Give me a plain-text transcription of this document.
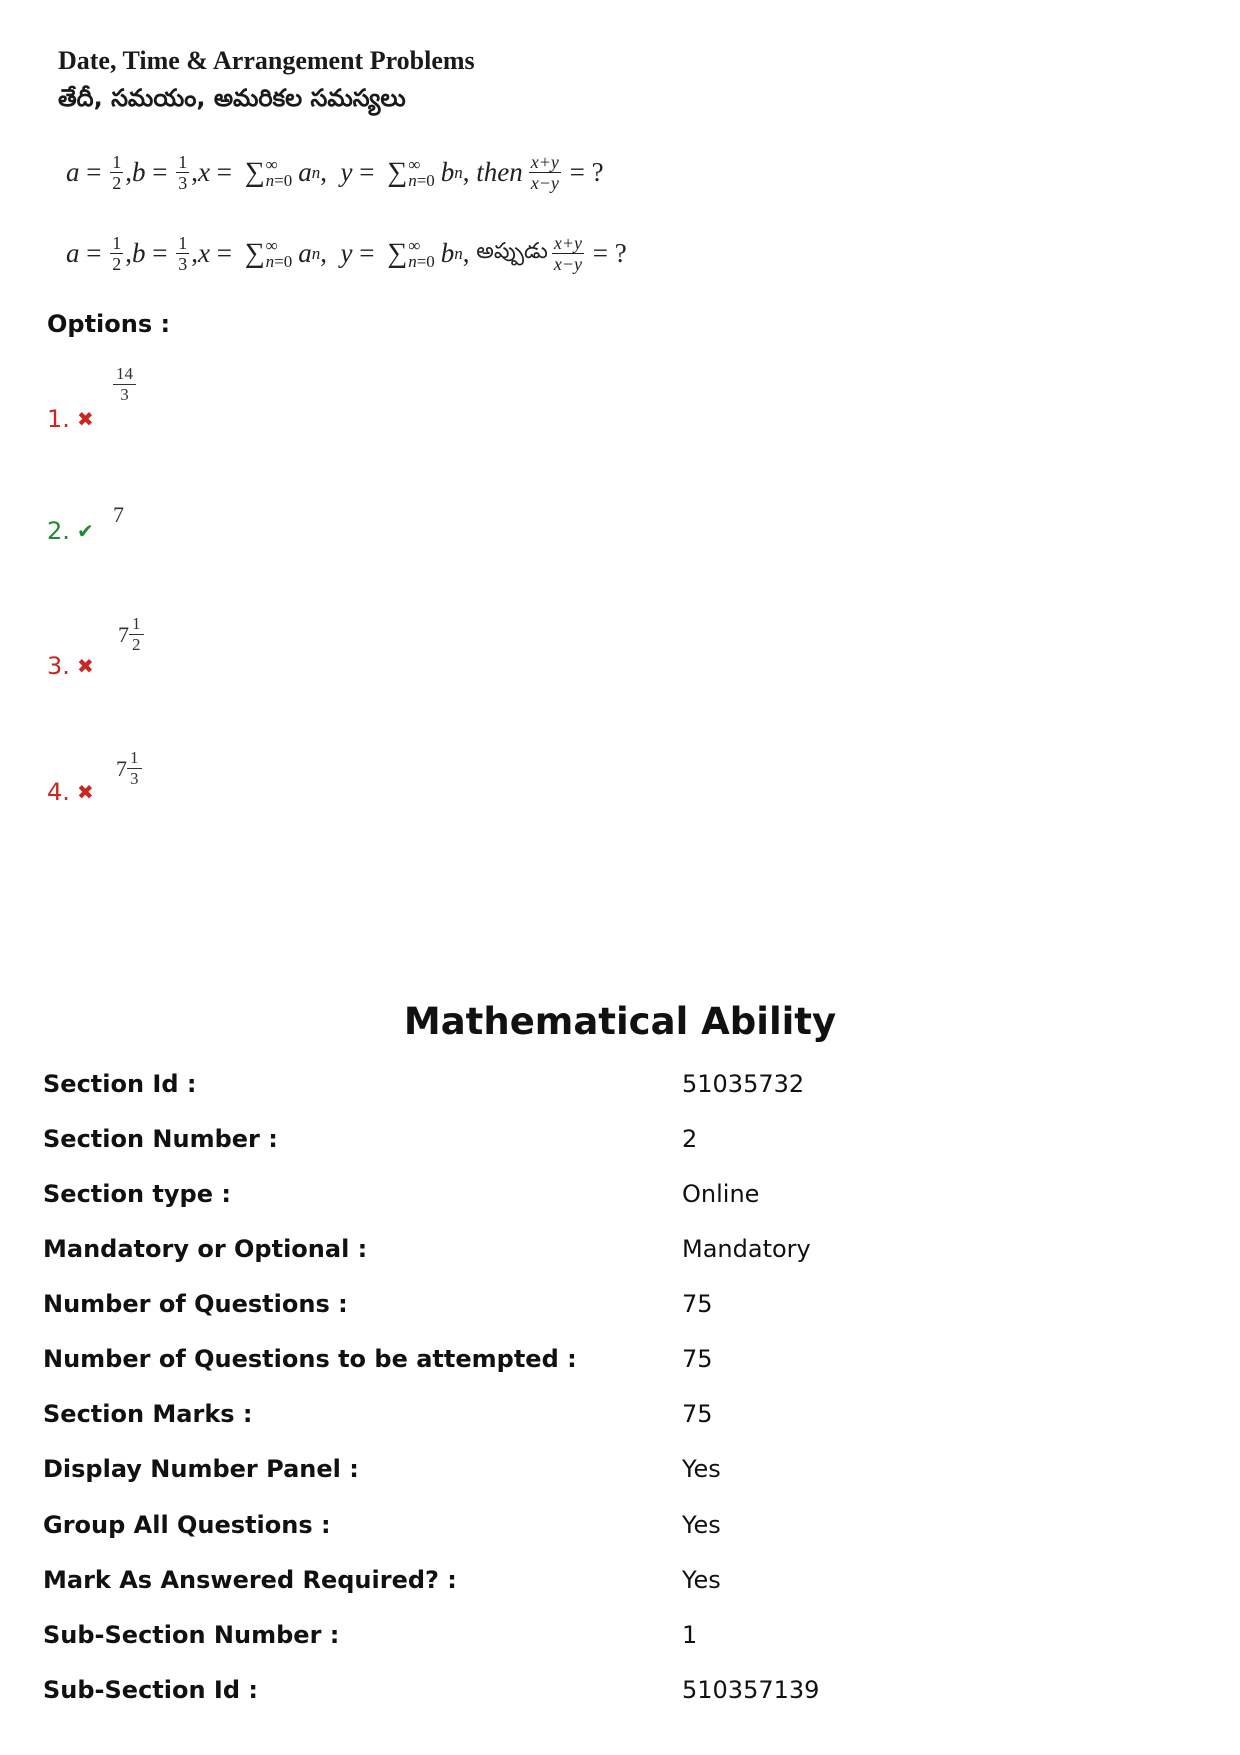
Date, Time & Arrangement Problems
తేదీ, సమయం, అమరికల సమస్యలు
$a = \frac{1}{2}$ , $b = \frac{1}{3}$ , x = ∑ ∞
n=0 a n , y = ∑ ∞
n=0 b n , then $\frac{x+y}{x-y}$ = ?
$a = \frac{1}{2}$ , $b = \frac{1}{3}$ , x = ∑ ∞
n=0 a n , y = ∑ ∞
n=0 b n , అప్పుడు $\frac{x+y}{x-y}$ = ?
Options :
1. ✖
$\frac{14}{3}$
2. ✔
7
3. ✖
$7 \frac{1}{2}$
4. ✖
$7 \frac{1}{3}$
Mathematical Ability
Section Id :	51035732
Section Number :	2
Section type :	Online
Mandatory or Optional :	Mandatory
Number of Questions :	75
Number of Questions to be attempted :	75
Section Marks :	75
Display Number Panel :	Yes
Group All Questions :	Yes
Mark As Answered Required? :	Yes
Sub-Section Number :	1
Sub-Section Id :	510357139
